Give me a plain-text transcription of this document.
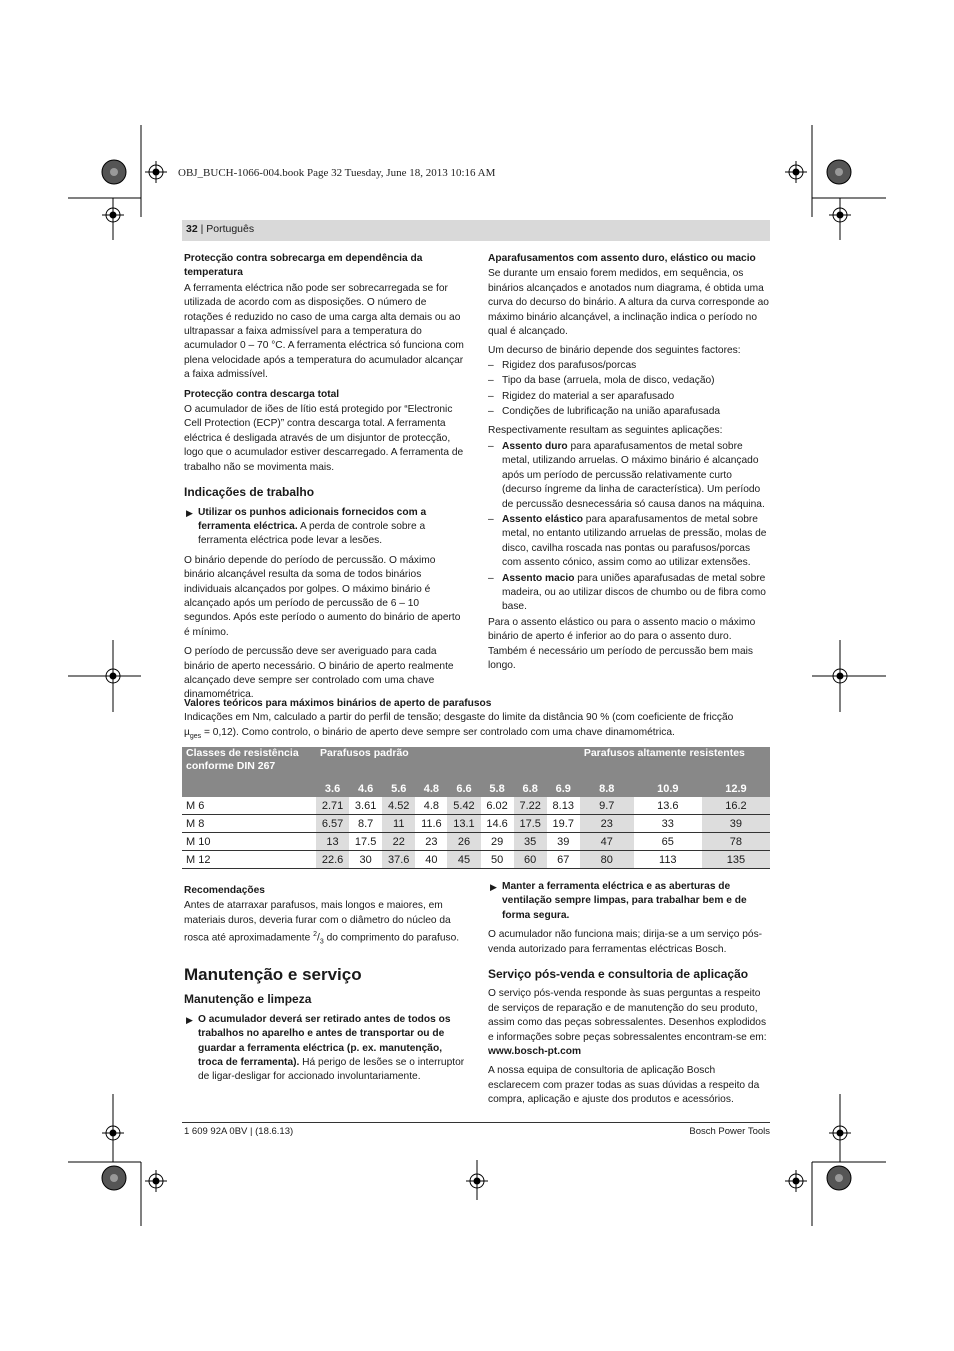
OBJ_BUCH-1066-004.book Page 32 Tuesday, June 18, 2013 10:16 AM
32 | Português

Protecção contra sobrecarga em dependência da temperatura

A ferramenta eléctrica não pode ser sobrecarregada se for utilizada de acordo com as disposições. O número de rotações é reduzido no caso de uma carga alta demais ou ao ultrapassar a faixa admissível para a temperatura do acumulador 0 – 70 °C. A ferramenta eléctrica só funciona com plena velocidade após a temperatura do acumulador alcançar a faixa admissível.

Protecção contra descarga total

O acumulador de iões de lítio está protegido por “Electronic Cell Protection (ECP)” contra descarga total. A ferramenta eléctrica é desligada através de um disjuntor de protecção, logo que o acumulador estiver descarregado. A ferramenta de trabalho não se movimenta mais.

Indicações de trabalho

▶ Utilizar os punhos adicionais fornecidos com a ferramenta eléctrica. A perda de controle sobre a ferramenta eléctrica pode levar a lesões.

O binário depende do período de percussão. O máximo binário alcançável resulta da soma de todos binários individuais alcançados por golpes. O máximo binário é alcançado após um período de percussão de 6 – 10 segundos. Após este período o aumento do binário de aperto é mínimo.

O período de percussão deve ser averiguado para cada binário de aperto necessário. O binário de aperto realmente alcançado deve sempre ser controlado com uma chave dinamométrica.

Aparafusamentos com assento duro, elástico ou macio

Se durante um ensaio forem medidos, em sequência, os binários alcançados e anotados num diagrama, é obtida uma curva do decurso do binário. A altura da curva corresponde ao máximo binário alcançável, a inclinação indica o período no qual é alcançado.

Um decurso de binário depende dos seguintes factores:

– Rigidez dos parafusos/porcas
– Tipo da base (arruela, mola de disco, vedação)
– Rigidez do material a ser aparafusado
– Condições de lubrificação na união aparafusada

Respectivamente resultam as seguintes aplicações:

– Assento duro para aparafusamentos de metal sobre metal, utilizando arruelas. O máximo binário é alcançado após um período de percussão relativamente curto (decurso íngreme da linha de característica). Um período de percussão desnecessária só causa danos na máquina.
– Assento elástico para aparafusamentos de metal sobre metal, no entanto utilizando arruelas de pressão, molas de disco, cavilha roscada nas pontas ou parafusos/porcas com assento cónico, assim como ao utilizar extensões.
– Assento macio para uniões aparafusadas de metal sobre madeira, ou ao utilizar discos de chumbo ou de fibra como base.

Para o assento elástico ou para o assento macio o máximo binário de aperto é inferior ao do para o assento duro. Também é necessário um período de percussão bem mais longo.

Valores teóricos para máximos binários de aperto de parafusos
Indicações em Nm, calculado a partir do perfil de tensão; desgaste do limite da distância 90 % (com coeficiente de fricção
µ$_{ges}$ = 0,12). Como controlo, o binário de aperto deve sempre ser controlado com uma chave dinamométrica.
Classes de resistência conforme DIN 267	Parafusos padrão								Parafusos altamente resistentes		
	3.6	4.6	5.6	4.8	6.6	5.8	6.8	6.9	8.8	10.9	12.9
M 6	2.71	3.61	4.52	4.8	5.42	6.02	7.22	8.13	9.7	13.6	16.2
M 8	6.57	8.7	11	11.6	13.1	14.6	17.5	19.7	23	33	39
M 10	13	17.5	22	23	26	29	35	39	47	65	78
M 12	22.6	30	37.6	40	45	50	60	67	80	113	135

Recomendações

Antes de atarraxar parafusos, mais longos e maiores, em materiais duros, deveria furar com o diâmetro do núcleo da rosca até aproximadamente $^2/_3$ do comprimento do parafuso.

Manutenção e serviço

Manutenção e limpeza

▶ O acumulador deverá ser retirado antes de todos os trabalhos no aparelho e antes de transportar ou de guardar a ferramenta eléctrica (p. ex. manutenção, troca de ferramenta). Há perigo de lesões se o interruptor de ligar-desligar for accionado involuntariamente.
▶ Manter a ferramenta eléctrica e as aberturas de ventilação sempre limpas, para trabalhar bem e de forma segura.

O acumulador não funciona mais; dirija-se a um serviço pós-venda autorizado para ferramentas eléctricas Bosch.

Serviço pós-venda e consultoria de aplicação

O serviço pós-venda responde às suas perguntas a respeito de serviços de reparação e de manutenção do seu produto, assim como das peças sobressalentes. Desenhos explodidos e informações sobre peças sobressalentes encontram-se em:

www.bosch-pt.com

A nossa equipa de consultoria de aplicação Bosch esclarecem com prazer todas as suas dúvidas a respeito da compra, aplicação e ajuste dos produtos e acessórios.

1 609 92A 0BV | (18.6.13)	Bosch Power Tools
